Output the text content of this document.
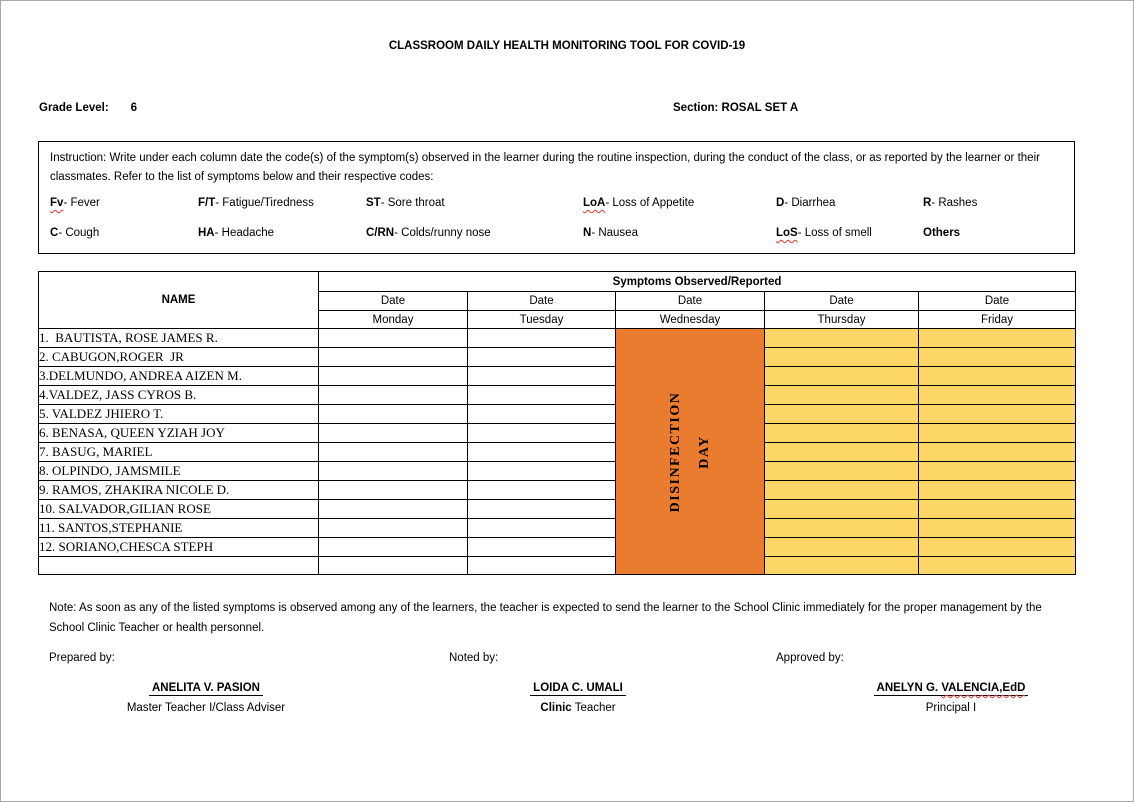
CLASSROOM DAILY HEALTH MONITORING TOOL FOR COVID-19
Grade Level: 6	Section: ROSAL SET A
Instruction: Write under each column date the code(s) of the symptom(s) observed in the learner during the routine inspection, during the conduct of the class, or as reported by the learner or their classmates. Refer to the list of symptoms below and their respective codes:
Fv- Fever	F/T- Fatigue/Tiredness	ST- Sore throat	LoA- Loss of Appetite	D- Diarrhea	R- Rashes
C- Cough	HA- Headache	C/RN- Colds/runny nose	N- Nausea	LoS- Loss of smell	Others
NAME	Symptoms Observed/Reported				
	Date	Date	Date	Date	Date
	Monday	Tuesday	Wednesday	Thursday	Friday
1.  BAUTISTA, ROSE JAMES R.			DISINFECTION DAY		

2. CABUGON,ROGER  JR					
3.DELMUNDO, ANDREA AIZEN M.					
4.VALDEZ, JASS CYROS B.					
5. VALDEZ JHIERO T.					
6. BENASA, QUEEN YZIAH JOY					
7. BASUG, MARIEL					
8. OLPINDO, JAMSMILE					
9. RAMOS, ZHAKIRA NICOLE D.					
10. SALVADOR,GILIAN ROSE					
11. SANTOS,STEPHANIE					
12. SORIANO,CHESCA STEPH					

Note: As soon as any of the listed symptoms is observed among any of the learners, the teacher is expected to send the learner to the School Clinic immediately for the proper management by the School Clinic Teacher or health personnel.
Prepared by:	Noted by:	Approved by:
ANELITA V. PASION	LOIDA C. UMALI	ANELYN G. VALENCIA,EdD
Master Teacher I/Class Adviser	Clinic Teacher	Principal I
